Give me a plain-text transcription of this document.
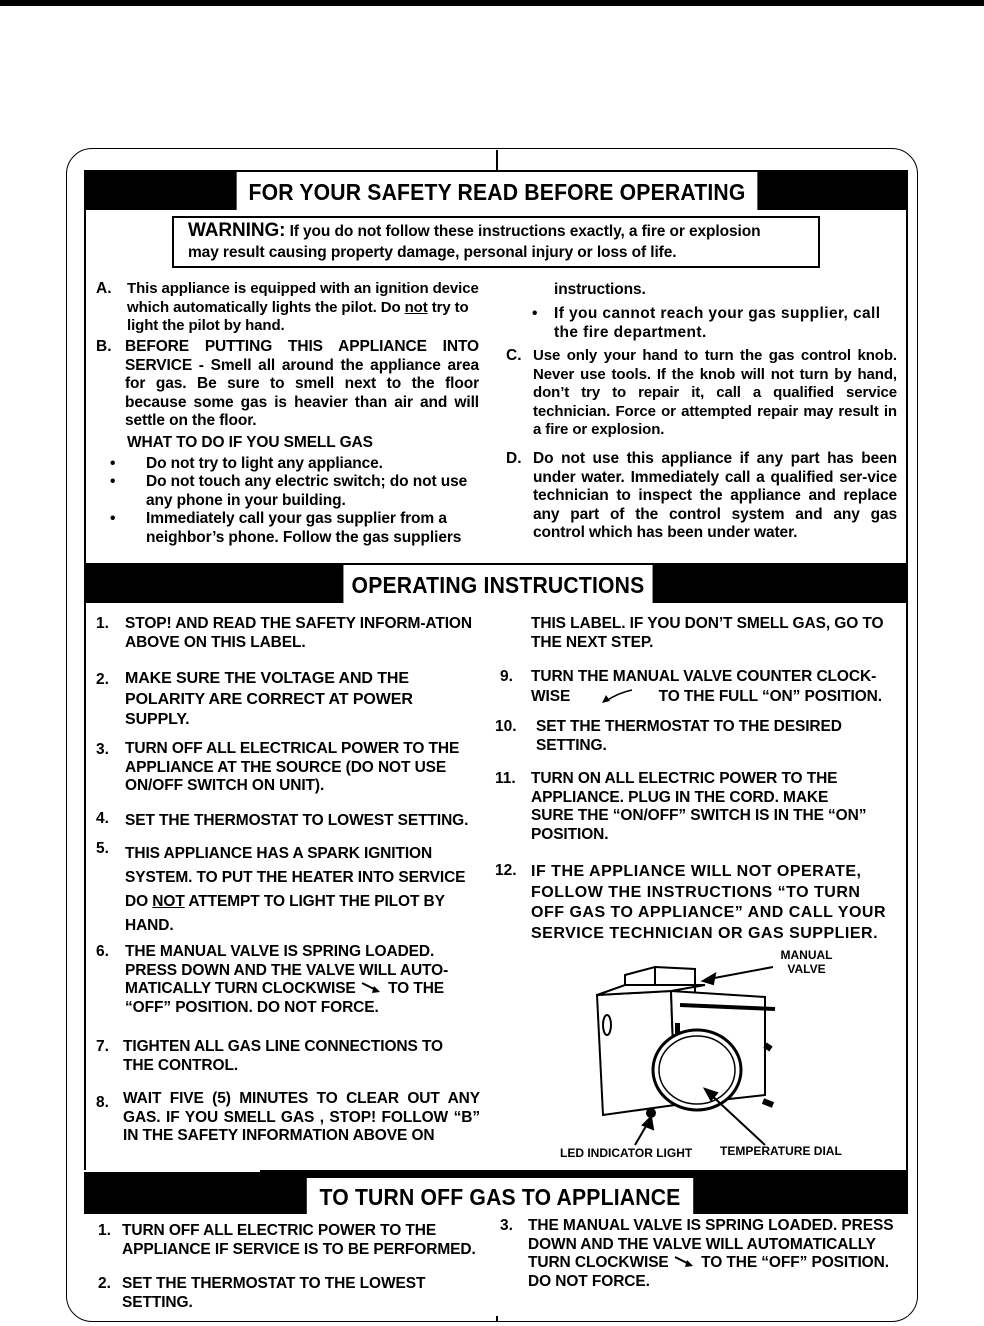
FOR YOUR SAFETY READ BEFORE OPERATING
WARNING: If you do not follow these instructions exactly, a fire or explosion
may result causing property damage, personal injury or loss of life.
A. This appliance is equipped with an ignition device which automatically lights the pilot. Do not try to light the pilot by hand.
B. BEFORE PUTTING THIS APPLIANCE INTO SERVICE - Smell all around the appliance area for gas. Be sure to smell next to the floor because some gas is heavier than air and will settle on the floor.
WHAT TO DO IF YOU SMELL GAS
• Do not try to light any appliance.
• Do not touch any electric switch; do not use any phone in your building.
• Immediately call your gas supplier from a neighbor’s phone. Follow the gas suppliers
instructions.
• If you cannot reach your gas supplier, call the fire department.
C. Use only your hand to turn the gas control knob. Never use tools. If the knob will not turn by hand, don’t try to repair it, call a qualified service technician. Force or attempted repair may result in a fire or explosion.
D. Do not use this appliance if any part has been under water. Immediately call a qualified ser-vice technician to inspect the appliance and replace any part of the control system and any gas control which has been under water.
OPERATING INSTRUCTIONS
1. STOP! AND READ THE SAFETY INFORM-ATION ABOVE ON THIS LABEL.
2. MAKE SURE THE VOLTAGE AND THE POLARITY ARE CORRECT AT POWER SUPPLY.
3. TURN OFF ALL ELECTRICAL POWER TO THE APPLIANCE AT THE SOURCE (DO NOT USE ON/OFF SWITCH ON UNIT).
4. SET THE THERMOSTAT TO LOWEST SETTING.
5. THIS APPLIANCE HAS A SPARK IGNITION
SYSTEM. TO PUT THE HEATER INTO SERVICE
DO NOT ATTEMPT TO LIGHT THE PILOT BY
HAND.
6. THE MANUAL VALVE IS SPRING LOADED. PRESS DOWN AND THE VALVE WILL AUTO-MATICALLY TURN CLOCKWISE  TO THE “OFF” POSITION. DO NOT FORCE.
7. TIGHTEN ALL GAS LINE CONNECTIONS TO THE CONTROL.
8. WAIT FIVE (5) MINUTES TO CLEAR OUT ANY GAS. IF YOU SMELL GAS , STOP! FOLLOW “B” IN THE SAFETY INFORMATION ABOVE ON
THIS LABEL. IF YOU DON’T SMELL GAS, GO TO THE NEXT STEP.
9. TURN THE MANUAL VALVE COUNTER CLOCK-
WISE	TO THE FULL “ON” POSITION.
10. SET THE THERMOSTAT TO THE DESIRED SETTING.
11. TURN ON ALL ELECTRIC POWER TO THE APPLIANCE. PLUG IN THE CORD. MAKE SURE THE “ON/OFF” SWITCH IS IN THE “ON” POSITION.
12. IF THE APPLIANCE WILL NOT OPERATE, FOLLOW THE INSTRUCTIONS “TO TURN OFF GAS TO APPLIANCE” AND CALL YOUR SERVICE TECHNICIAN OR GAS SUPPLIER.
MANUAL
VALVE
LED INDICATOR LIGHT TEMPERATURE DIAL
TO TURN OFF GAS TO APPLIANCE
1. TURN OFF ALL ELECTRIC POWER TO THE APPLIANCE IF SERVICE IS TO BE PERFORMED.
2. SET THE THERMOSTAT TO THE LOWEST SETTING.
3. THE MANUAL VALVE IS SPRING LOADED. PRESS DOWN AND THE VALVE WILL AUTOMATICALLY TURN CLOCKWISE  TO THE “OFF” POSITION. DO NOT FORCE.
